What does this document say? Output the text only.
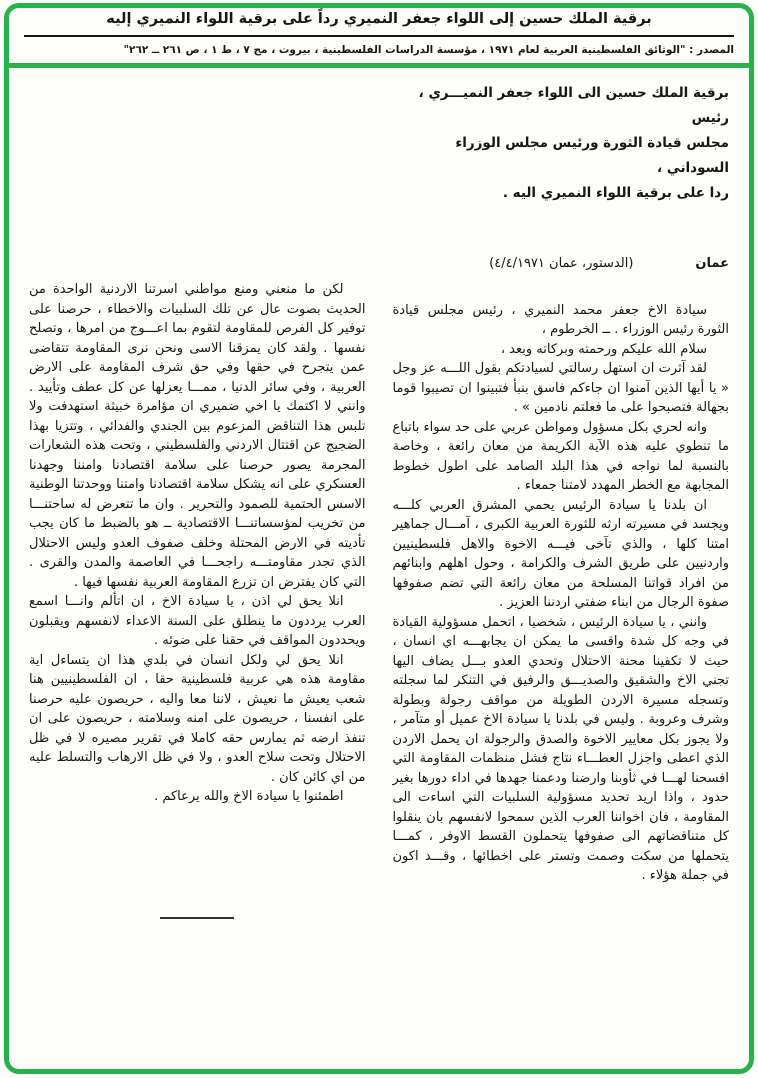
برقية الملك حسين إلى اللواء جعفر النميري رداً على برقية اللواء النميري إليه
المصدر : "الوثائق الفلسطينية العربية لعام ١٩٧١ ، مؤسسة الدراسات الفلسطينية ، بيروت ، مج ٧ ، ط ١ ، ص ٢٦١ ــ ٢٦٢"
برقية الملك حسين الى اللواء جعفر النميـــري ، رئيس
مجلس قيادة الثورة ورئيس مجلس الوزراء السوداني ،
ردا على برقية اللواء النميري اليه .
عمان
(الدستور، عمان ٤/٤/١٩٧١)

سيادة الاخ جعفر محمد النميري ، رئيس مجلس قيادة الثورة رئيس الوزراء . ــ الخرطوم ،

سلام الله عليكم ورحمته وبركاته وبعد ،

لقد آثرت ان استهل رسالتي لسيادتكم بقول اللـــه عز وجل « يا أيها الذين آمنوا ان جاءكم فاسق بنبأ فتبينوا ان تصيبوا قوما بجهالة فتصبحوا على ما فعلتم نادمين » .

وانه لحري بكل مسؤول ومواطن عربي على حد سواء باتباع ما تنطوي عليه هذه الآية الكريمة من معان رائعة ، وخاصة بالنسبة لما نواجه في هذا البلد الصامد على اطول خطوط المجابهة مع الخطر المهدد لامتنا جمعاء .

ان بلدنا يا سيادة الرئيس يحمي المشرق العربي كلـــه ويجسد في مسيرته ارثه للثورة العربية الكبرى ، آمـــال جماهير امتنا كلها ، والذي تآخى فيـــه الاخوة والاهل فلسطينيين واردنيين على طريق الشرف والكرامة ، وحول اهلهم وابنائهم من افراد قواتنا المسلحة من معان رائعة التي تضم صفوفها صفوة الرجال من ابناء ضفتي اردننا العزيز .

وانني ، يا سيادة الرئيس ، شخصيا ، اتحمل مسؤولية القيادة في وجه كل شدة واقسى ما يمكن ان يجابهـــه اي انسان ، حيث لا تكفينا محنة الاحتلال وتحدي العدو بـــل يضاف اليها تجني الاخ والشقيق والصديـــق والرفيق في التنكر لما سجلته وتسجله مسيرة الاردن الطويلة من مواقف رجولة وبطولة وشرف وعروبة . وليس في بلدنا يا سيادة الاخ عميل أو متآمر ، ولا يجوز بكل معايير الاخوة والصدق والرجولة ان يحمل الاردن الذي اعطى واجزل العطـــاء نتاج فشل منظمات المقاومة التي افسحنا لهـــا في ثأوبنا وارضنا ودعمنا جهدها في اداء دورها بغير حدود ، واذا اريد تحديد مسؤولية السلبيات التي اساءت الى المقاومة ، فان اخواننا العرب الذين سمحوا لانفسهم بان ينقلوا كل متناقضاتهم الى صفوفها يتحملون القسط الاوفر ، كمـــا يتحملها من سكت وصمت وتستر على اخطائها ، وقـــد اكون في جملة هؤلاء .

لكن ما منعني ومنع مواطني اسرتنا الاردنية الواحدة من الحديث بصوت عال عن تلك السلبيات والاخطاء ، حرصنا على توفير كل الفرص للمقاومة لتقوم بما اعـــوج من امرها ، وتصلح نفسها . ولقد كان يمزقنا الاسى ونحن نرى المقاومة تتقاضى عمن يتجرح في حقها وفي حق شرف المقاومة على الارض العربية ، وفي سائر الدنيا ، ممـــا يعزلها عن كل عطف وتأييد . وانني لا اكتمك يا اخي ضميري ان مؤامرة خبيثة استهدفت ولا تلبس هذا التناقض المزعوم بين الجندي والفدائي ، وتتزيا بهذا الضجيج عن اقتتال الاردني والفلسطيني ، وتحت هذه الشعارات المجرمة يصور حرصنا على سلامة اقتصادنا وامننا وجهدنا العسكري على انه يشكل سلامة اقتصادنا وامتنا ووحدتنا الوطنية الاسس الحتمية للصمود والتحرير . وان ما تتعرض له ساحتنـــا من تخريب لمؤسساتنـــا الاقتصادية ــ هو بالضبط ما كان يجب تأديته في الارض المحتلة وخلف صفوف العدو وليس الاحتلال الذي تجدر مقاومتـــه راجحـــا في العاصمة والمدن والقرى . التي كان يفترض ان تزرع المقاومة العربية نفسها فيها .

انلا يحق لي اذن ، يا سيادة الاخ ، ان اتألم وانـــا اسمع العرب يرددون ما ينطلق على السنة الاعداء لانفسهم ويقبلون ويحددون المواقف في حقنا على ضوئه .

انلا يحق لي ولكل انسان في بلدي هذا ان يتساءل اية مقاومة هذه هي عربية فلسطينية حقا ، ان الفلسطينيين هنا شعب يعيش ما نعيش ، لاننا معا واليه ، حريصون عليه حرصنا على انفسنا ، حريصون على امنه وسلامته ، حريصون على ان تنفذ ارضه ثم يمارس حقه كاملا في تقرير مصيره لا في ظل الاحتلال وتحت سلاح العدو ، ولا في ظل الارهاب والتسلط عليه من اي كائن كان .

اطمئنوا يا سيادة الاخ والله يرعاكم .
